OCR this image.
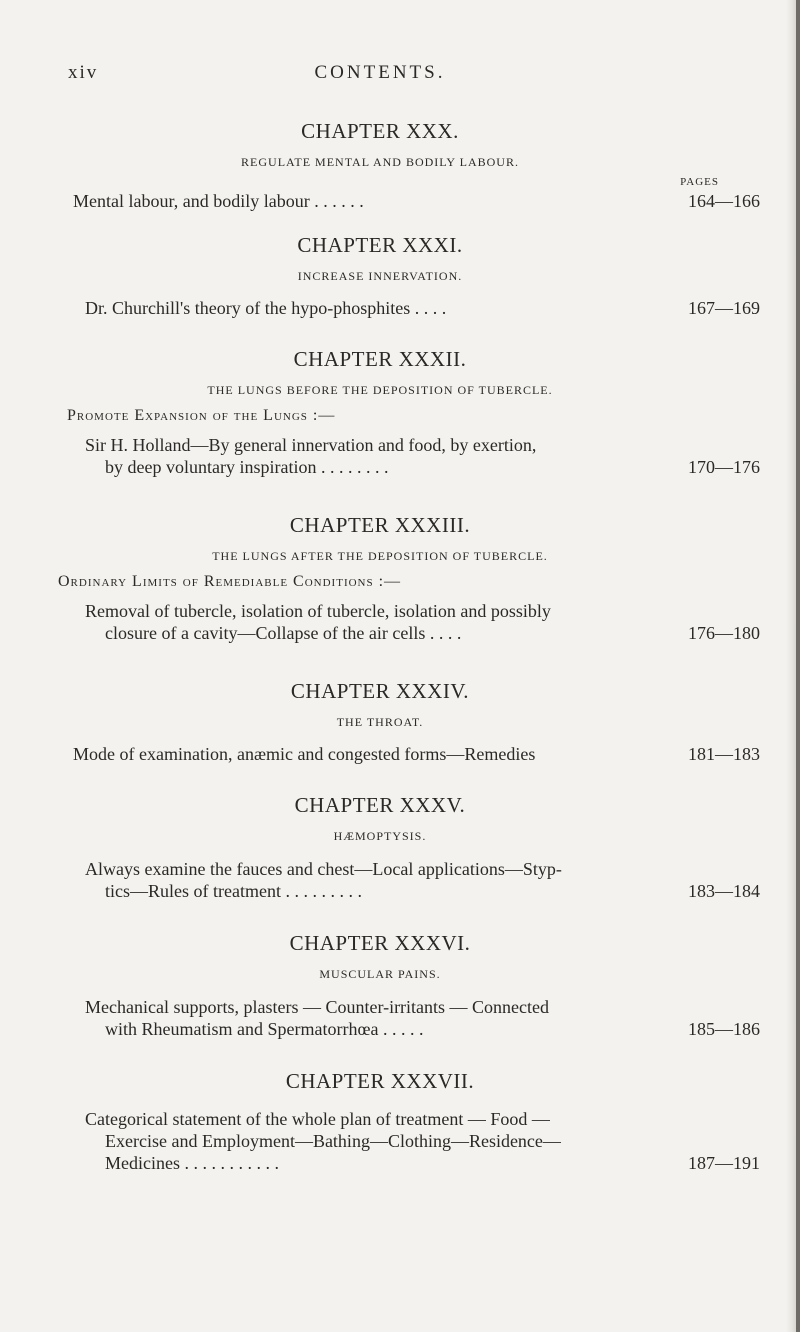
xiv	CONTENTS.
CHAPTER XXX.
REGULATE MENTAL AND BODILY LABOUR.
PAGES
Mental labour, and bodily labour . . . . . .	164—166
CHAPTER XXXI.
INCREASE INNERVATION.
Dr. Churchill's theory of the hypo-phosphites . . . .	167—169
CHAPTER XXXII.
THE LUNGS BEFORE THE DEPOSITION OF TUBERCLE.
Promote Expansion of the Lungs :—
Sir H. Holland—By general innervation and food, by exertion,
by deep voluntary inspiration . . . . . . . .	170—176
CHAPTER XXXIII.
THE LUNGS AFTER THE DEPOSITION OF TUBERCLE.
Ordinary Limits of Remediable Conditions :—
Removal of tubercle, isolation of tubercle, isolation and possibly
closure of a cavity—Collapse of the air cells . . . .	176—180
CHAPTER XXXIV.
THE THROAT.
Mode of examination, anæmic and congested forms—Remedies	181—183
CHAPTER XXXV.
HÆMOPTYSIS.
Always examine the fauces and chest—Local applications—Styp-
tics—Rules of treatment . . . . . . . . .	183—184
CHAPTER XXXVI.
MUSCULAR PAINS.
Mechanical supports, plasters — Counter-irritants — Connected
with Rheumatism and Spermatorrhœa . . . . .	185—186
CHAPTER XXXVII.
Categorical statement of the whole plan of treatment — Food —
Exercise and Employment—Bathing—Clothing—Residence—
Medicines . . . . . . . . . . .	187—191
